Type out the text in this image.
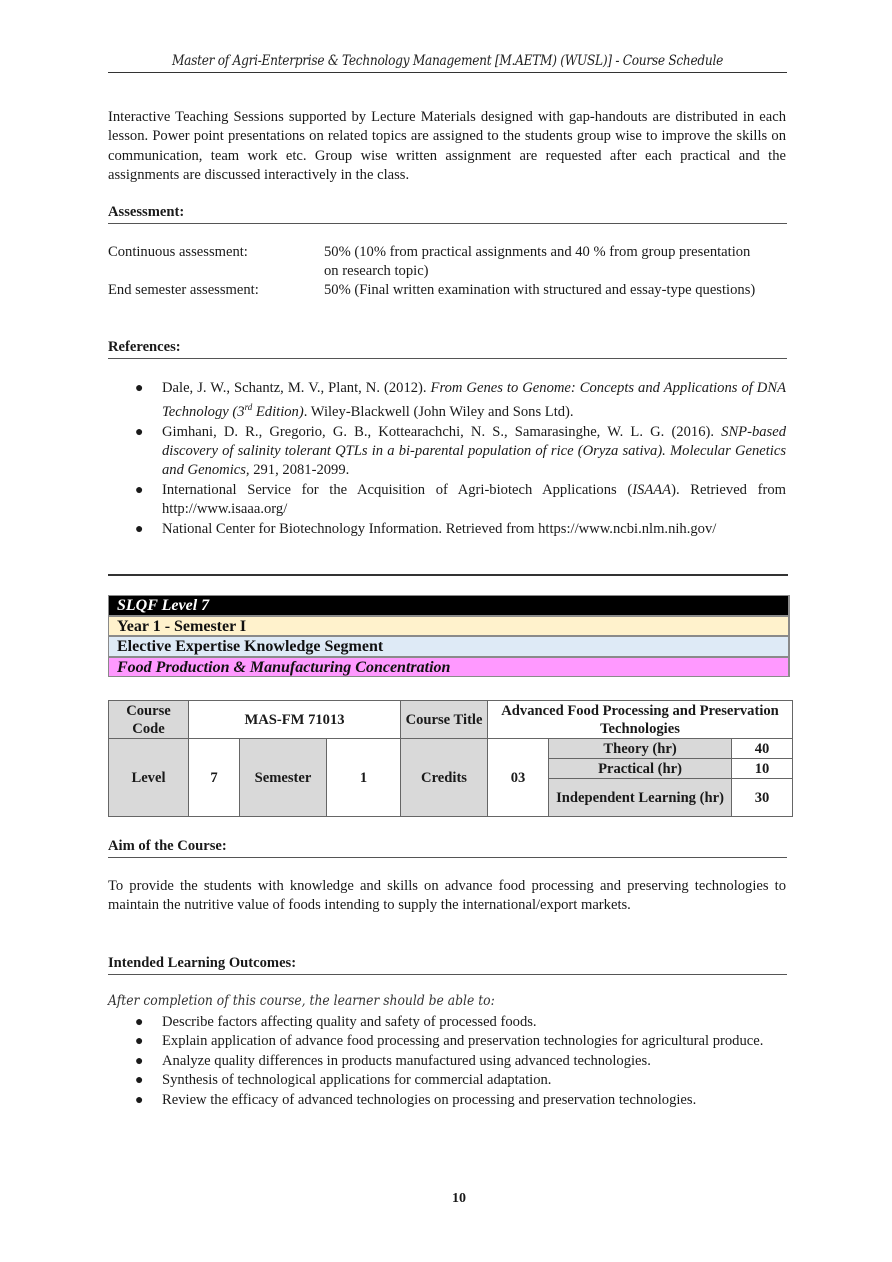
Master of Agri-Enterprise & Technology Management [M.AETM) (WUSL)] - Course Schedule

Interactive Teaching Sessions supported by Lecture Materials designed with gap-handouts are distributed in each lesson. Power point presentations on related topics are assigned to the students group wise to improve the skills on communication, team work etc. Group wise written assignment are requested after each practical and the assignments are discussed interactively in the class.

Assessment:
Continuous assessment:	50% (10% from practical assignments and 40 % from group presentation on research topic)
End semester assessment:	50% (Final written examination with structured and essay-type questions)
References:
● Dale, J. W., Schantz, M. V., Plant, N. (2012). From Genes to Genome: Concepts and Applications of DNA Technology (3rd Edition). Wiley-Blackwell (John Wiley and Sons Ltd).
● Gimhani, D. R., Gregorio, G. B., Kottearachchi, N. S., Samarasinghe, W. L. G. (2016). SNP-based discovery of salinity tolerant QTLs in a bi-parental population of rice (Oryza sativa). Molecular Genetics and Genomics, 291, 2081-2099.
● International Service for the Acquisition of Agri-biotech Applications (ISAAA). Retrieved from http://www.isaaa.org/
● National Center for Biotechnology Information. Retrieved from https://www.ncbi.nlm.nih.gov/
SLQF Level 7
Year 1 - Semester I
Elective Expertise Knowledge Segment
Food Production & Manufacturing Concentration
Course Code	MAS-FM 71013			Course Title	Advanced Food Processing and Preservation Technologies		
Level	7	Semester	1	Credits	03	Theory (hr)	40
						Practical (hr)	10
						Independent Learning (hr)	30
Aim of the Course:

To provide the students with knowledge and skills on advance food processing and preserving technologies to maintain the nutritive value of foods intending to supply the international/export markets.

Intended Learning Outcomes:
After completion of this course, the learner should be able to:
● Describe factors affecting quality and safety of processed foods.
● Explain application of advance food processing and preservation technologies for agricultural produce.
● Analyze quality differences in products manufactured using advanced technologies.
● Synthesis of technological applications for commercial adaptation.
● Review the efficacy of advanced technologies on processing and preservation technologies.
10
